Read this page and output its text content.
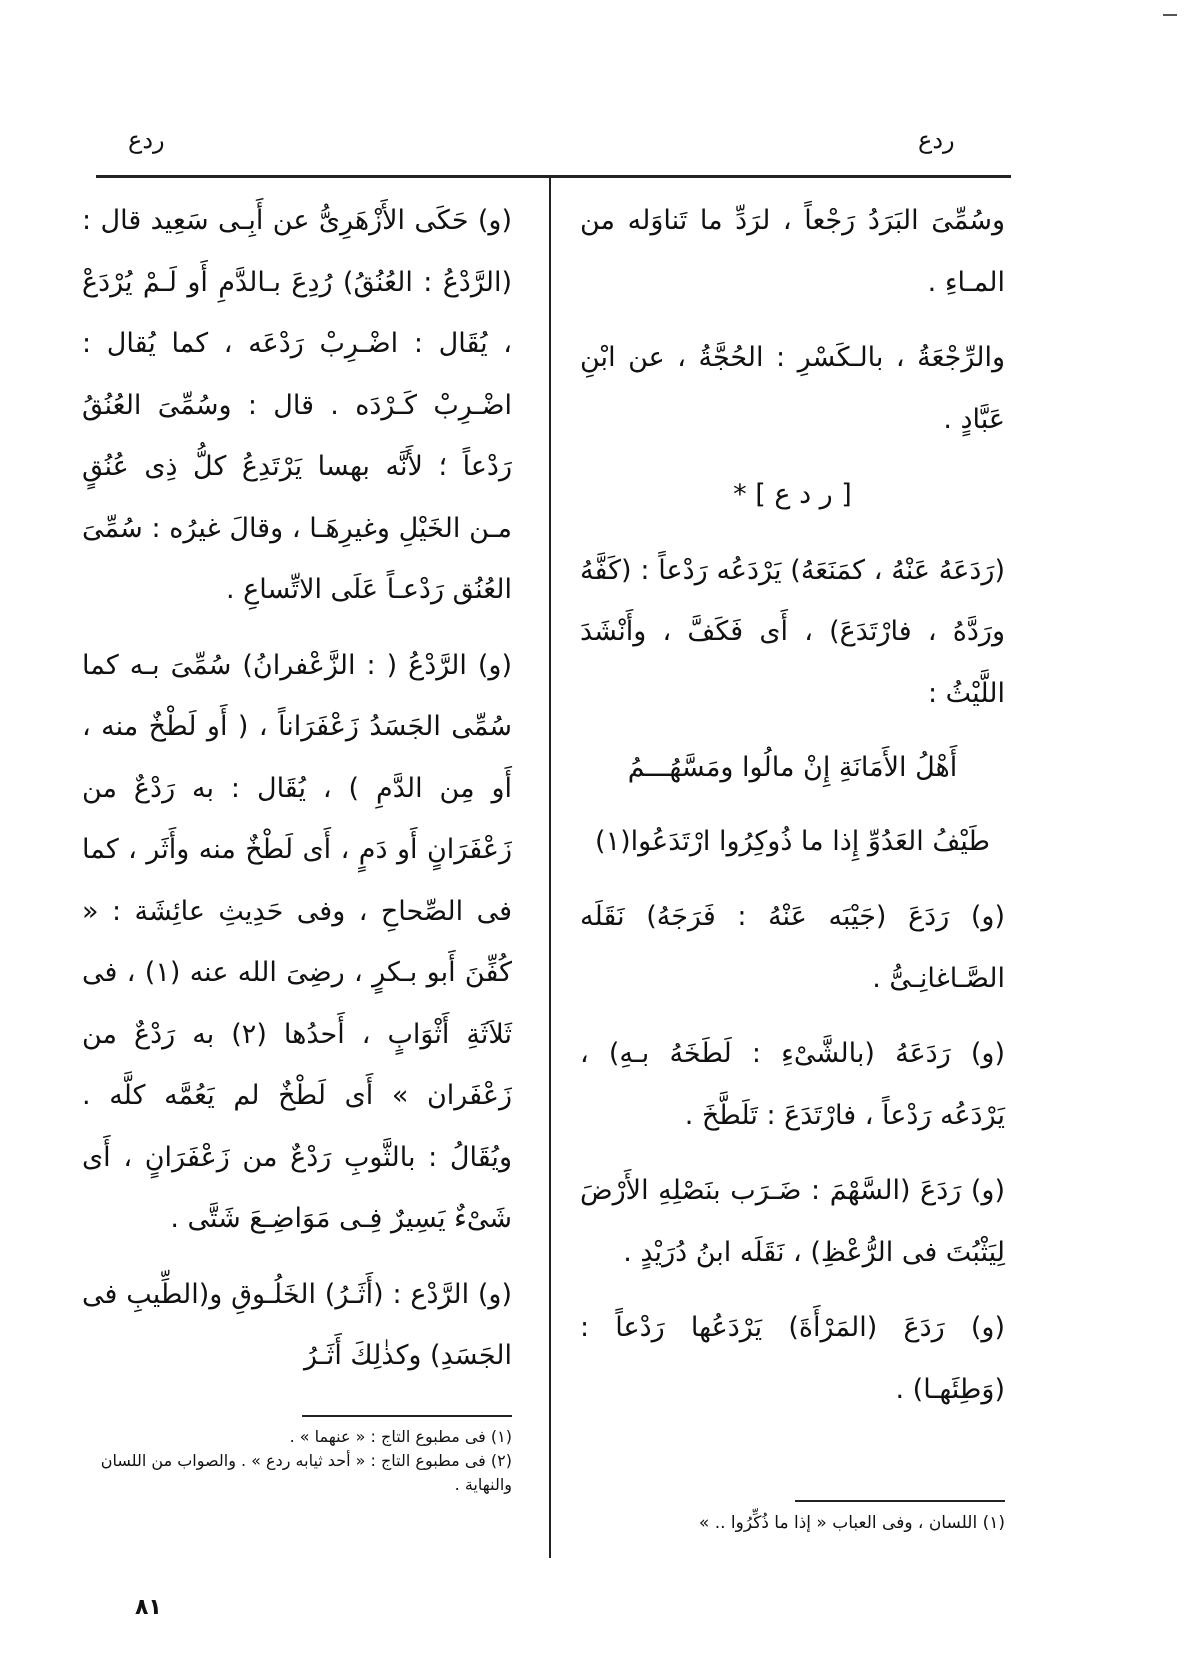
ردع	ردع

(و) حَكَى الأَزْهَرِىُّ عن أَبِـى سَعِيد قال : (الرَّدْعُ : العُنُقُ) رُدِعَ بـالدَّمِ أَو لَـمْ يُرْدَعْ ، يُقَال : اضْـرِبْ رَدْعَه ، كما يُقال : اضْـرِبْ كَـرْدَه . قال : وسُمِّىَ العُنُقُ رَدْعاً ؛ لأَنَّه بهسا يَرْتَدِعُ كلُّ ذِى عُنُقٍ مـن الخَيْلِ وغيرِهَـا ، وقالَ غيرُه : سُمِّىَ العُنُق رَدْعـاً عَلَى الاتِّساعِ .

(و) الرَّدْعُ ( : الزَّعْفرانُ) سُمِّىَ بـه كما سُمِّى الجَسَدُ زَعْفَرَاناً ، ( أَو لَطْخٌ منه ، أَو مِن الدَّمِ ) ، يُقَال : به رَدْعٌ من زَعْفَرَانٍ أَو دَمٍ ، أَى لَطْخٌ منه وأَثَر ، كما فى الصِّحاحِ ، وفى حَدِيثِ عائِشَة : « كُفِّنَ أَبو بـكرٍ ، رضِىَ الله عنه (١) ، فى ثَلاَثَةِ أَثْوَابٍ ، أَحدُها (٢) به رَدْعٌ من زَعْفَران » أَى لَطْخٌ لم يَعُمَّه كلَّه . ويُقَالُ : بالثَّوبِ رَدْعٌ من زَعْفَرَانٍ ، أَى شَىْءٌ يَسِيرٌ فِـى مَوَاضِـعَ شَتَّى .

(و) الرَّدْع : (أَثَـرُ) الخَلُـوقِ و(الطِّيبِ فى الجَسَدِ) وكذٰلِكَ أَثَـرُ

(١) فى مطبوع التاج : « عنهما » .

(٢) فى مطبوع التاج : « أحد ثيابه ردع » . والصواب من اللسان والنهاية .

وسُمِّىَ البَرَدُ رَجْعاً ، لرَدِّ ما تَناوَله من المـاءِ .

والرِّجْعَةُ ، بالـكَسْرِ : الحُجَّةُ ، عن ابْنِ عَبَّادٍ .

[ ر د ع ] *

(رَدَعَهُ عَنْهُ ، كمَنَعَهُ) يَرْدَعُه رَدْعاً : (كَفَّهُ ورَدَّهُ ، فارْتَدَعَ) ، أَى فَكَفَّ ، وأَنْشَدَ اللَّيْثُ :

أَهْلُ الأَمَانَةِ إِنْ مالُوا ومَسَّهُـــمُ

طَيْفُ العَدُوِّ إِذا ما ذُوكِرُوا ارْتَدَعُوا(١)

(و) رَدَعَ (جَيْبَه عَنْهُ : فَرَجَهُ) نَقَلَه الصَّـاغانِـىُّ .

(و) رَدَعَهُ (بالشَّىْءِ : لَطَخَهُ بـهِ) ، يَرْدَعُه رَدْعاً ، فارْتَدَعَ : تَلَطَّخَ .

(و) رَدَعَ (السَّهْمَ : ضَـرَب بنَصْلِهِ الأَرْضَ لِيَثْبُتَ فى الرُّعْظِ) ، نَقَلَه ابنُ دُرَيْدٍ .

(و) رَدَعَ (المَرْأَةَ) يَرْدَعُها رَدْعاً : (وَطِئَهـا) .

(١) اللسان ، وفى العباب « إذا ما ذُكِّرُوا .. »

٨١
